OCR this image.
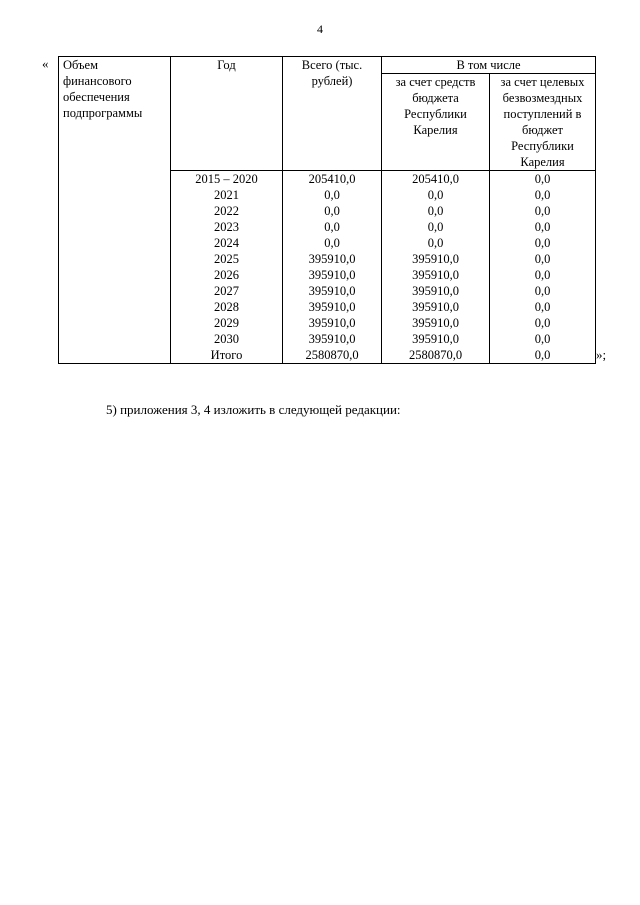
4
« Объем финансового обеспечения подпрограммы	Год	Всего (тыс. рублей)	В том числе	
			за счет средств бюджета Республики Карелия	за счет целевых безвозмездных поступлений в бюджет Республики Карелия
	2015 – 2020	205410,0	205410,0	0,0
	2021	0,0	0,0	0,0
	2022	0,0	0,0	0,0
	2023	0,0	0,0	0,0
	2024	0,0	0,0	0,0
	2025	395910,0	395910,0	0,0
	2026	395910,0	395910,0	0,0
	2027	395910,0	395910,0	0,0
	2028	395910,0	395910,0	0,0
	2029	395910,0	395910,0	0,0
	2030	395910,0	395910,0	0,0
	Итого	2580870,0	2580870,0	0,0	»;
5) приложения 3, 4 изложить в следующей редакции:
